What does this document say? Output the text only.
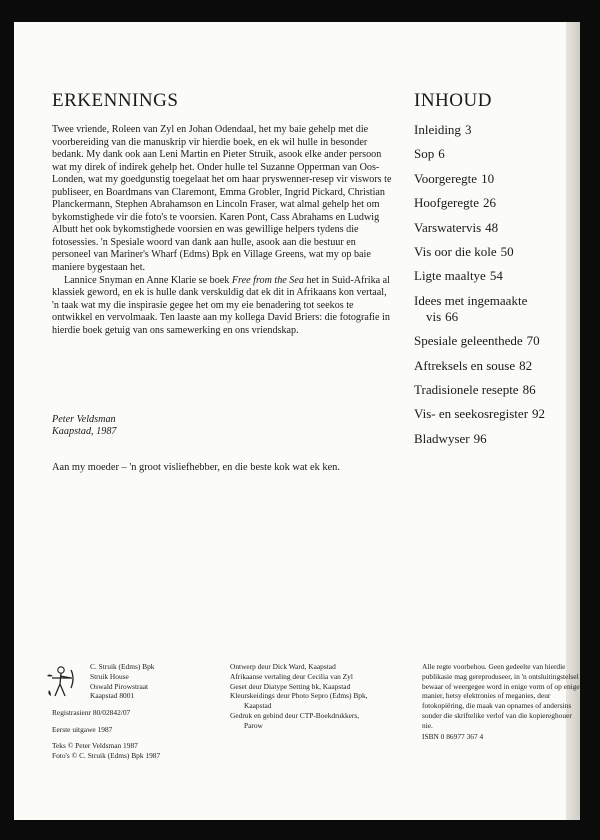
ERKENNINGS

Twee vriende, Roleen van Zyl en Johan Odendaal, het my baie gehelp met die voorbereiding van die manuskrip vir hierdie boek, en ek wil hulle in besonder bedank. My dank ook aan Leni Martin en Pieter Struik, asook elke ander persoon wat my direk of indirek gehelp het. Onder hulle tel Suzanne Opperman van Oos-Londen, wat my goedgunstig toegelaat het om haar pryswenner-resep vir viswors te publiseer, en Boardmans van Claremont, Emma Grobler, Ingrid Pickard, Christian Planckermann, Stephen Abrahamson en Lincoln Fraser, wat almal gehelp het om bykomstighede vir die foto's te voorsien. Karen Pont, Cass Abrahams en Ludwig Albutt het ook bykomstighede voorsien en was gewillige helpers tydens die fotosessies. 'n Spesiale woord van dank aan hulle, asook aan die bestuur en personeel van Mariner's Wharf (Edms) Bpk en Village Greens, wat my op baie maniere bygestaan het.

Lannice Snyman en Anne Klarie se boek Free from the Sea het in Suid-Afrika al klassiek geword, en ek is hulle dank verskuldig dat ek dit in Afrikaans kon vertaal, 'n taak wat my die inspirasie gegee het om my eie benadering tot seekos te ontwikkel en vervolmaak. Ten laaste aan my kollega David Briers: die fotografie in hierdie boek getuig van ons samewerking en ons vriendskap.

Peter Veldsman
Kaapstad, 1987
Aan my moeder – 'n groot visliefhebber, en die beste kok wat ek ken.
INHOUD
Inleiding 3
Sop 6
Voorgeregte 10
Hoofgeregte 26
Varswatervis 48
Vis oor die kole 50
Ligte maaltye 54
Idees met ingemaakte
vis 66
Spesiale geleenthede 70
Aftreksels en souse 82
Tradisionele resepte 86
Vis- en seekosregister 92
Bladwyser 96
C. Struik (Edms) Bpk
Struik House
Oswald Pirowstraat
Kaapstad 8001
Registrasienr 80/02842/07
Eerste uitgawe 1987
Teks © Peter Veldsman 1987
Foto's © C. Struik (Edms) Bpk 1987
Ontwerp deur Dick Ward, Kaapstad
Afrikaanse vertaling deur Cecilia van Zyl
Geset deur Diatype Setting bk, Kaapstad
Kleurskeidings deur Photo Sepro (Edms) Bpk,
Kaapstad
Gedruk en gebind deur CTP-Boekdrukkers,
Parow
Alle regte voorbehou. Geen gedeelte van hierdie publikasie mag gereproduseer, in 'n ontsluitingstelsel bewaar of weergegee word in enige vorm of op enige manier, hetsy elektronies of meganies, deur fotokopiëring, die maak van opnames of andersins sonder die skriftelike verlof van die kopiereghouer nie.
ISBN 0 86977 367 4
